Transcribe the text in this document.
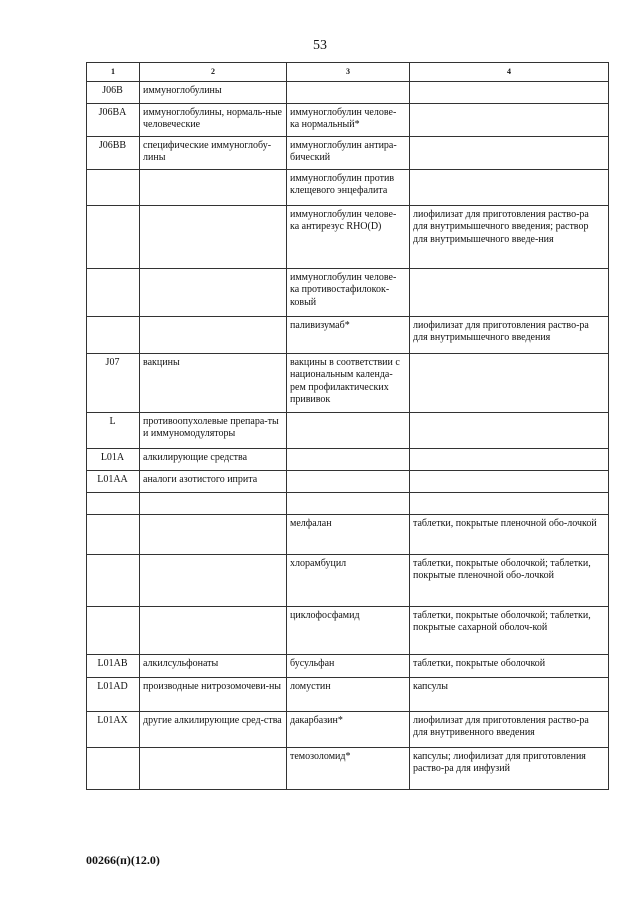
53
1	2	3	4
J06B	иммуноглобулины		
J06BA	иммуноглобулины, нормаль-ные человеческие	иммуноглобулин челове-ка нормальный*	
J06BB	специфические иммуноглобу-лины	иммуноглобулин антира-бический	
		иммуноглобулин против клещевого энцефалита	
		иммуноглобулин челове-ка антирезус RHO(D)	лиофилизат для приготовления раство-ра для внутримышечного введения; раствор для внутримышечного введе-ния
		иммуноглобулин челове-ка противостафилокок-ковый	
		паливизумаб*	лиофилизат для приготовления раство-ра для внутримышечного введения
J07	вакцины	вакцины в соответствии с национальным календа-рем профилактических прививок	
L	противоопухолевые препара-ты и иммуномодуляторы		
L01A	алкилирующие средства		
L01AA	аналоги азотистого иприта		

		мелфалан	таблетки, покрытые пленочной обо-лочкой
		хлорамбуцил	таблетки, покрытые оболочкой; таблетки, покрытые пленочной обо-лочкой
		циклофосфамид	таблетки, покрытые оболочкой; таблетки, покрытые сахарной оболоч-кой
L01AB	алкилсульфонаты	бусульфан	таблетки, покрытые оболочкой
L01AD	производные нитрозомочеви-ны	ломустин	капсулы
L01AX	другие алкилирующие сред-ства	дакарбазин*	лиофилизат для приготовления раство-ра для внутривенного введения
		темозоломид*	капсулы; лиофилизат для приготовления раство-ра для инфузий
00266(п)(12.0)
